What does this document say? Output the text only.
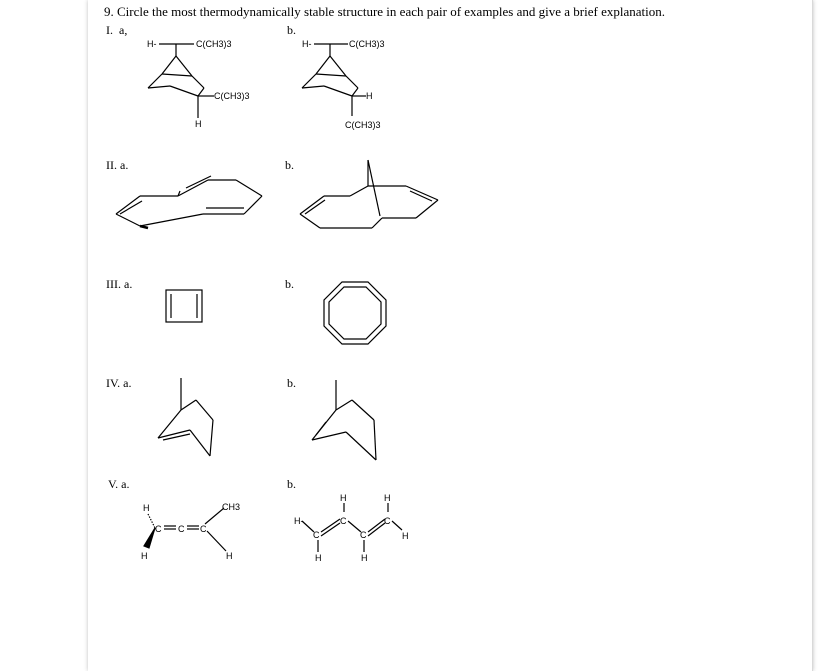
9. Circle the most thermodynamically stable structure in each pair of examples and give a brief explanation.
I. a,	b.
II. a.	b.
III. a.	b.
IV. a.	b.
V. a.	b.
H-	C(CH3)3
C(CH3)3
H
H-	C(CH3)3
H
C(CH3)3
H
H
C C C
CH3
H
H-
C
H
C
H
C
H
C
H
H
